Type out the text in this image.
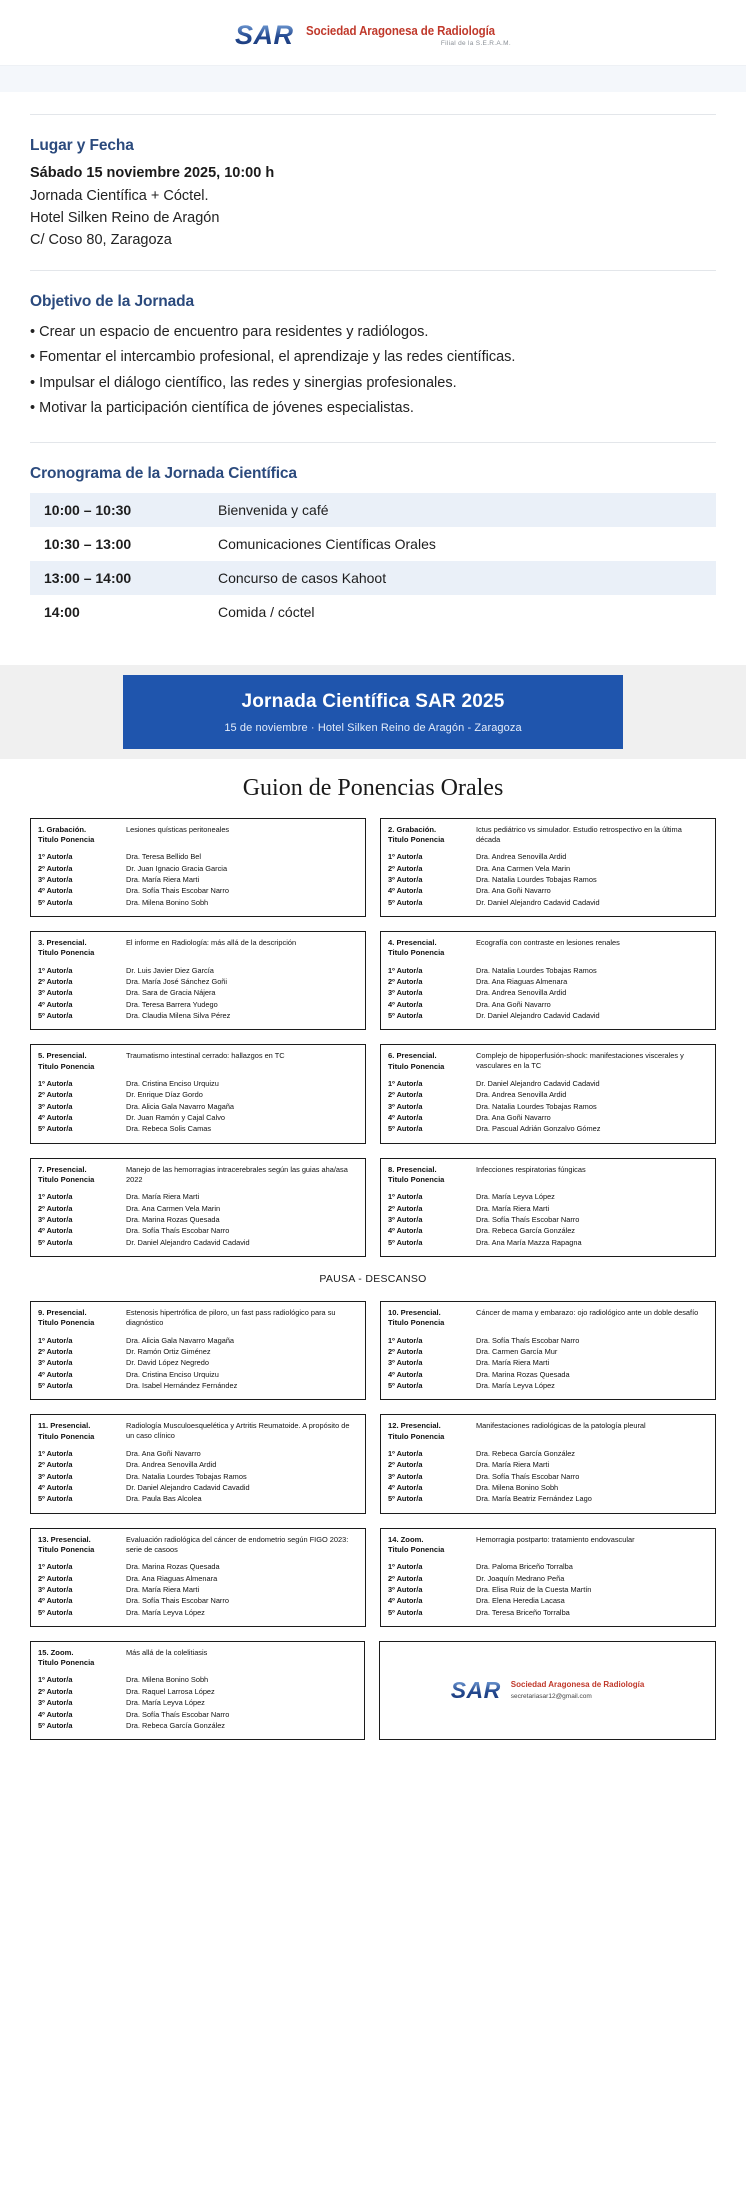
SAR Sociedad Aragonesa de Radiología
Filial de la S.E.R.A.M.
Lugar y Fecha

Sábado 15 noviembre 2025, 10:00 h

Jornada Científica + Cóctel.

Hotel Silken Reino de Aragón

C/ Coso 80, Zaragoza

Objetivo de la Jornada
• Crear un espacio de encuentro para residentes y radiólogos.
• Fomentar el intercambio profesional, el aprendizaje y las redes científicas.
• Impulsar el diálogo científico, las redes y sinergias profesionales.
• Motivar la participación científica de jóvenes especialistas.
Cronograma de la Jornada Científica
10:00 – 10:30	Bienvenida y café
10:30 – 13:00	Comunicaciones Científicas Orales
13:00 – 14:00	Concurso de casos Kahoot
14:00	Comida / cóctel
Jornada Científica SAR 2025
15 de noviembre · Hotel Silken Reino de Aragón - Zaragoza
Guion de Ponencias Orales
1. Grabación.
Titulo Ponencia
Lesiones quísticas peritoneales
1º Autor/a	Dra. Teresa Bellido Bel
2º Autor/a	Dr. Juan Ignacio Gracia Garcia
3º Autor/a	Dra. María Riera Marti
4º Autor/a	Dra. Sofía Thais Escobar Narro
5º Autor/a	Dra. Milena Bonino Sobh
2. Grabación.
Titulo Ponencia
Ictus pediátrico vs simulador. Estudio retrospectivo en la última década
1º Autor/a	Dra. Andrea Senovilla Ardid
2º Autor/a	Dra. Ana Carmen Vela Marin
3º Autor/a	Dra. Natalia Lourdes Tobajas Ramos
4º Autor/a	Dra. Ana Goñi Navarro
5º Autor/a	Dr. Daniel Alejandro Cadavid Cadavid
3. Presencial.
Titulo Ponencia
El informe en Radiología: más allá de la descripción
1º Autor/a	Dr. Luis Javier Diez García
2º Autor/a	Dra. María José Sánchez Goñi
3º Autor/a	Dra. Sara de Gracia Nájera
4º Autor/a	Dra. Teresa Barrera Yudego
5º Autor/a	Dra. Claudia Milena Silva Pérez
4. Presencial.
Titulo Ponencia
Ecografía con contraste en lesiones renales
1º Autor/a	Dra. Natalia Lourdes Tobajas Ramos
2º Autor/a	Dra. Ana Riaguas Almenara
3º Autor/a	Dra. Andrea Senovilla Ardid
4º Autor/a	Dra. Ana Goñi Navarro
5º Autor/a	Dr. Daniel Alejandro Cadavid Cadavid
5. Presencial.
Titulo Ponencia
Traumatismo intestinal cerrado: hallazgos en TC
1º Autor/a	Dra. Cristina Enciso Urquizu
2º Autor/a	Dr. Enrique Díaz Gordo
3º Autor/a	Dra. Alicia Gala Navarro Magaña
4º Autor/a	Dr. Juan Ramón y Cajal Calvo
5º Autor/a	Dra. Rebeca Solis Camas
6. Presencial.
Titulo Ponencia
Complejo de hipoperfusión-shock: manifestaciones viscerales y vasculares en la TC
1º Autor/a	Dr. Daniel Alejandro Cadavid Cadavid
2º Autor/a	Dra. Andrea Senovilla Ardid
3º Autor/a	Dra. Natalia Lourdes Tobajas Ramos
4º Autor/a	Dra. Ana Goñi Navarro
5º Autor/a	Dra. Pascual Adrián Gonzalvo Gómez
7. Presencial.
Titulo Ponencia
Manejo de las hemorragias intracerebrales según las guias aha/asa 2022
1º Autor/a	Dra. María Riera Marti
2º Autor/a	Dra. Ana Carmen Vela Marin
3º Autor/a	Dra. Marina Rozas Quesada
4º Autor/a	Dra. Sofía Thaís Escobar Narro
5º Autor/a	Dr. Daniel Alejandro Cadavid Cadavid
8. Presencial.
Titulo Ponencia
Infecciones respiratorias fúngicas
1º Autor/a	Dra. María Leyva López
2º Autor/a	Dra. María Riera Marti
3º Autor/a	Dra. Sofía Thaís Escobar Narro
4º Autor/a	Dra. Rebeca García González
5º Autor/a	Dra. Ana María Mazza Rapagna
PAUSA - DESCANSO
9. Presencial.
Titulo Ponencia
Estenosis hipertrófica de piloro, un fast pass radiológico para su diagnóstico
1º Autor/a	Dra. Alicia Gala Navarro Magaña
2º Autor/a	Dr. Ramón Ortiz Giménez
3º Autor/a	Dr. David López Negredo
4º Autor/a	Dra. Cristina Enciso Urquizu
5º Autor/a	Dra. Isabel Hernández Fernández
10. Presencial.
Titulo Ponencia
Cáncer de mama y embarazo: ojo radiológico ante un doble desafío
1º Autor/a	Dra. Sofía Thaís Escobar Narro
2º Autor/a	Dra. Carmen García Mur
3º Autor/a	Dra. María Riera Marti
4º Autor/a	Dra. Marina Rozas Quesada
5º Autor/a	Dra. María Leyva López
11. Presencial.
Titulo Ponencia
Radiología Musculoesquelética y Artritis Reumatoide. A propósito de un caso clínico
1º Autor/a	Dra. Ana Goñi Navarro
2º Autor/a	Dra. Andrea Senovilla Ardid
3º Autor/a	Dra. Natalia Lourdes Tobajas Ramos
4º Autor/a	Dr. Daniel Alejandro Cadavid Cavadid
5º Autor/a	Dra. Paula Bas Alcolea
12. Presencial.
Titulo Ponencia
Manifestaciones radiológicas de la patología pleural
1º Autor/a	Dra. Rebeca García González
2º Autor/a	Dra. María Riera Marti
3º Autor/a	Dra. Sofía Thaís Escobar Narro
4º Autor/a	Dra. Milena Bonino Sobh
5º Autor/a	Dra. María Beatriz Fernández Lago
13. Presencial.
Titulo Ponencia
Evaluación radiológica del cáncer de endometrio según FIGO 2023: serie de casoos
1º Autor/a	Dra. Marina Rozas Quesada
2º Autor/a	Dra. Ana Riaguas Almenara
3º Autor/a	Dra. María Riera Marti
4º Autor/a	Dra. Sofía Thais Escobar Narro
5º Autor/a	Dra. María Leyva López
14. Zoom.
Titulo Ponencia
Hemorragia postparto: tratamiento endovascular
1º Autor/a	Dra. Paloma Briceño Torralba
2º Autor/a	Dr. Joaquín Medrano Peña
3º Autor/a	Dra. Elisa Ruiz de la Cuesta Martín
4º Autor/a	Dra. Elena Heredia Lacasa
5º Autor/a	Dra. Teresa Briceño Torralba
15. Zoom.
Titulo Ponencia
Más allá de la colelitiasis
1º Autor/a	Dra. Milena Bonino Sobh
2º Autor/a	Dra. Raquel Larrosa López
3º Autor/a	Dra. María Leyva López
4º Autor/a	Dra. Sofía Thaís Escobar Narro
5º Autor/a	Dra. Rebeca García González
SAR Sociedad Aragonesa de Radiología
secretariasar12@gmail.com
